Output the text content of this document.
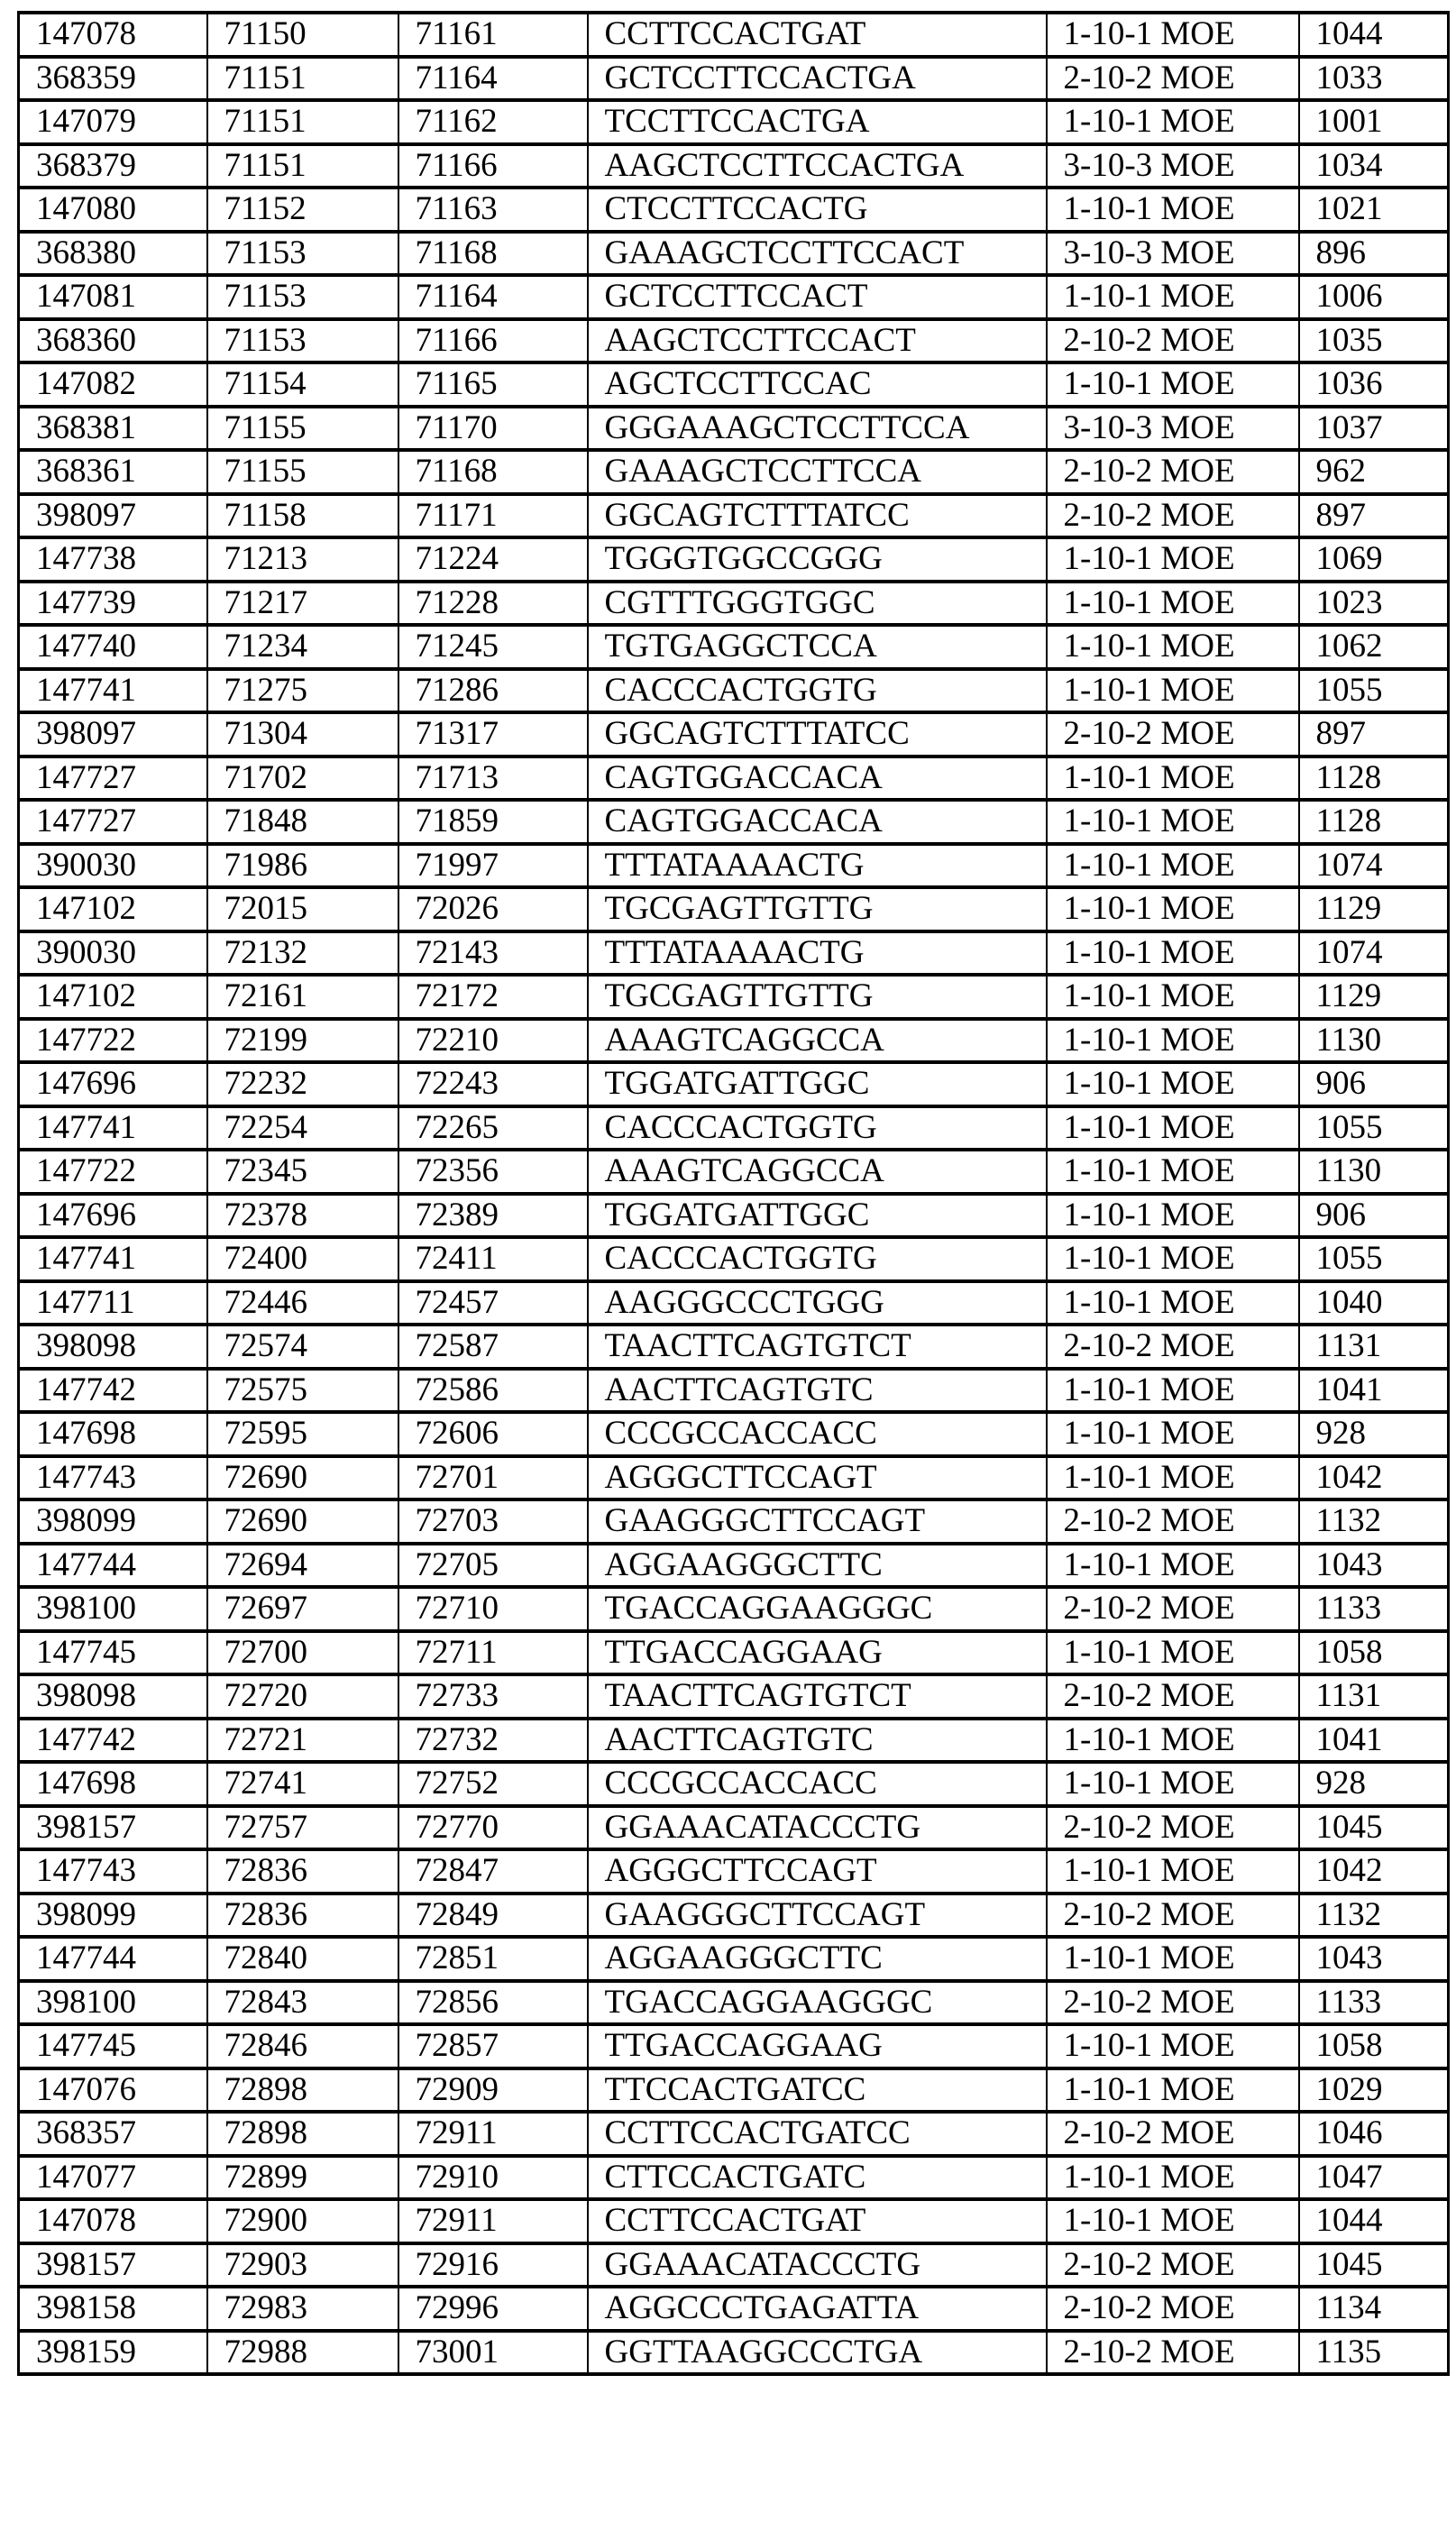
147078	71150	71161	CCTTCCACTGAT	1-10-1 MOE	1044
368359	71151	71164	GCTCCTTCCACTGA	2-10-2 MOE	1033
147079	71151	71162	TCCTTCCACTGA	1-10-1 MOE	1001
368379	71151	71166	AAGCTCCTTCCACTGA	3-10-3 MOE	1034
147080	71152	71163	CTCCTTCCACTG	1-10-1 MOE	1021
368380	71153	71168	GAAAGCTCCTTCCACT	3-10-3 MOE	896
147081	71153	71164	GCTCCTTCCACT	1-10-1 MOE	1006
368360	71153	71166	AAGCTCCTTCCACT	2-10-2 MOE	1035
147082	71154	71165	AGCTCCTTCCAC	1-10-1 MOE	1036
368381	71155	71170	GGGAAAGCTCCTTCCA	3-10-3 MOE	1037
368361	71155	71168	GAAAGCTCCTTCCA	2-10-2 MOE	962
398097	71158	71171	GGCAGTCTTTATCC	2-10-2 MOE	897
147738	71213	71224	TGGGTGGCCGGG	1-10-1 MOE	1069
147739	71217	71228	CGTTTGGGTGGC	1-10-1 MOE	1023
147740	71234	71245	TGTGAGGCTCCA	1-10-1 MOE	1062
147741	71275	71286	CACCCACTGGTG	1-10-1 MOE	1055
398097	71304	71317	GGCAGTCTTTATCC	2-10-2 MOE	897
147727	71702	71713	CAGTGGACCACA	1-10-1 MOE	1128
147727	71848	71859	CAGTGGACCACA	1-10-1 MOE	1128
390030	71986	71997	TTTATAAAACTG	1-10-1 MOE	1074
147102	72015	72026	TGCGAGTTGTTG	1-10-1 MOE	1129
390030	72132	72143	TTTATAAAACTG	1-10-1 MOE	1074
147102	72161	72172	TGCGAGTTGTTG	1-10-1 MOE	1129
147722	72199	72210	AAAGTCAGGCCA	1-10-1 MOE	1130
147696	72232	72243	TGGATGATTGGC	1-10-1 MOE	906
147741	72254	72265	CACCCACTGGTG	1-10-1 MOE	1055
147722	72345	72356	AAAGTCAGGCCA	1-10-1 MOE	1130
147696	72378	72389	TGGATGATTGGC	1-10-1 MOE	906
147741	72400	72411	CACCCACTGGTG	1-10-1 MOE	1055
147711	72446	72457	AAGGGCCCTGGG	1-10-1 MOE	1040
398098	72574	72587	TAACTTCAGTGTCT	2-10-2 MOE	1131
147742	72575	72586	AACTTCAGTGTC	1-10-1 MOE	1041
147698	72595	72606	CCCGCCACCACC	1-10-1 MOE	928
147743	72690	72701	AGGGCTTCCAGT	1-10-1 MOE	1042
398099	72690	72703	GAAGGGCTTCCAGT	2-10-2 MOE	1132
147744	72694	72705	AGGAAGGGCTTC	1-10-1 MOE	1043
398100	72697	72710	TGACCAGGAAGGGC	2-10-2 MOE	1133
147745	72700	72711	TTGACCAGGAAG	1-10-1 MOE	1058
398098	72720	72733	TAACTTCAGTGTCT	2-10-2 MOE	1131
147742	72721	72732	AACTTCAGTGTC	1-10-1 MOE	1041
147698	72741	72752	CCCGCCACCACC	1-10-1 MOE	928
398157	72757	72770	GGAAACATACCCTG	2-10-2 MOE	1045
147743	72836	72847	AGGGCTTCCAGT	1-10-1 MOE	1042
398099	72836	72849	GAAGGGCTTCCAGT	2-10-2 MOE	1132
147744	72840	72851	AGGAAGGGCTTC	1-10-1 MOE	1043
398100	72843	72856	TGACCAGGAAGGGC	2-10-2 MOE	1133
147745	72846	72857	TTGACCAGGAAG	1-10-1 MOE	1058
147076	72898	72909	TTCCACTGATCC	1-10-1 MOE	1029
368357	72898	72911	CCTTCCACTGATCC	2-10-2 MOE	1046
147077	72899	72910	CTTCCACTGATC	1-10-1 MOE	1047
147078	72900	72911	CCTTCCACTGAT	1-10-1 MOE	1044
398157	72903	72916	GGAAACATACCCTG	2-10-2 MOE	1045
398158	72983	72996	AGGCCCTGAGATTA	2-10-2 MOE	1134
398159	72988	73001	GGTTAAGGCCCTGA	2-10-2 MOE	1135
